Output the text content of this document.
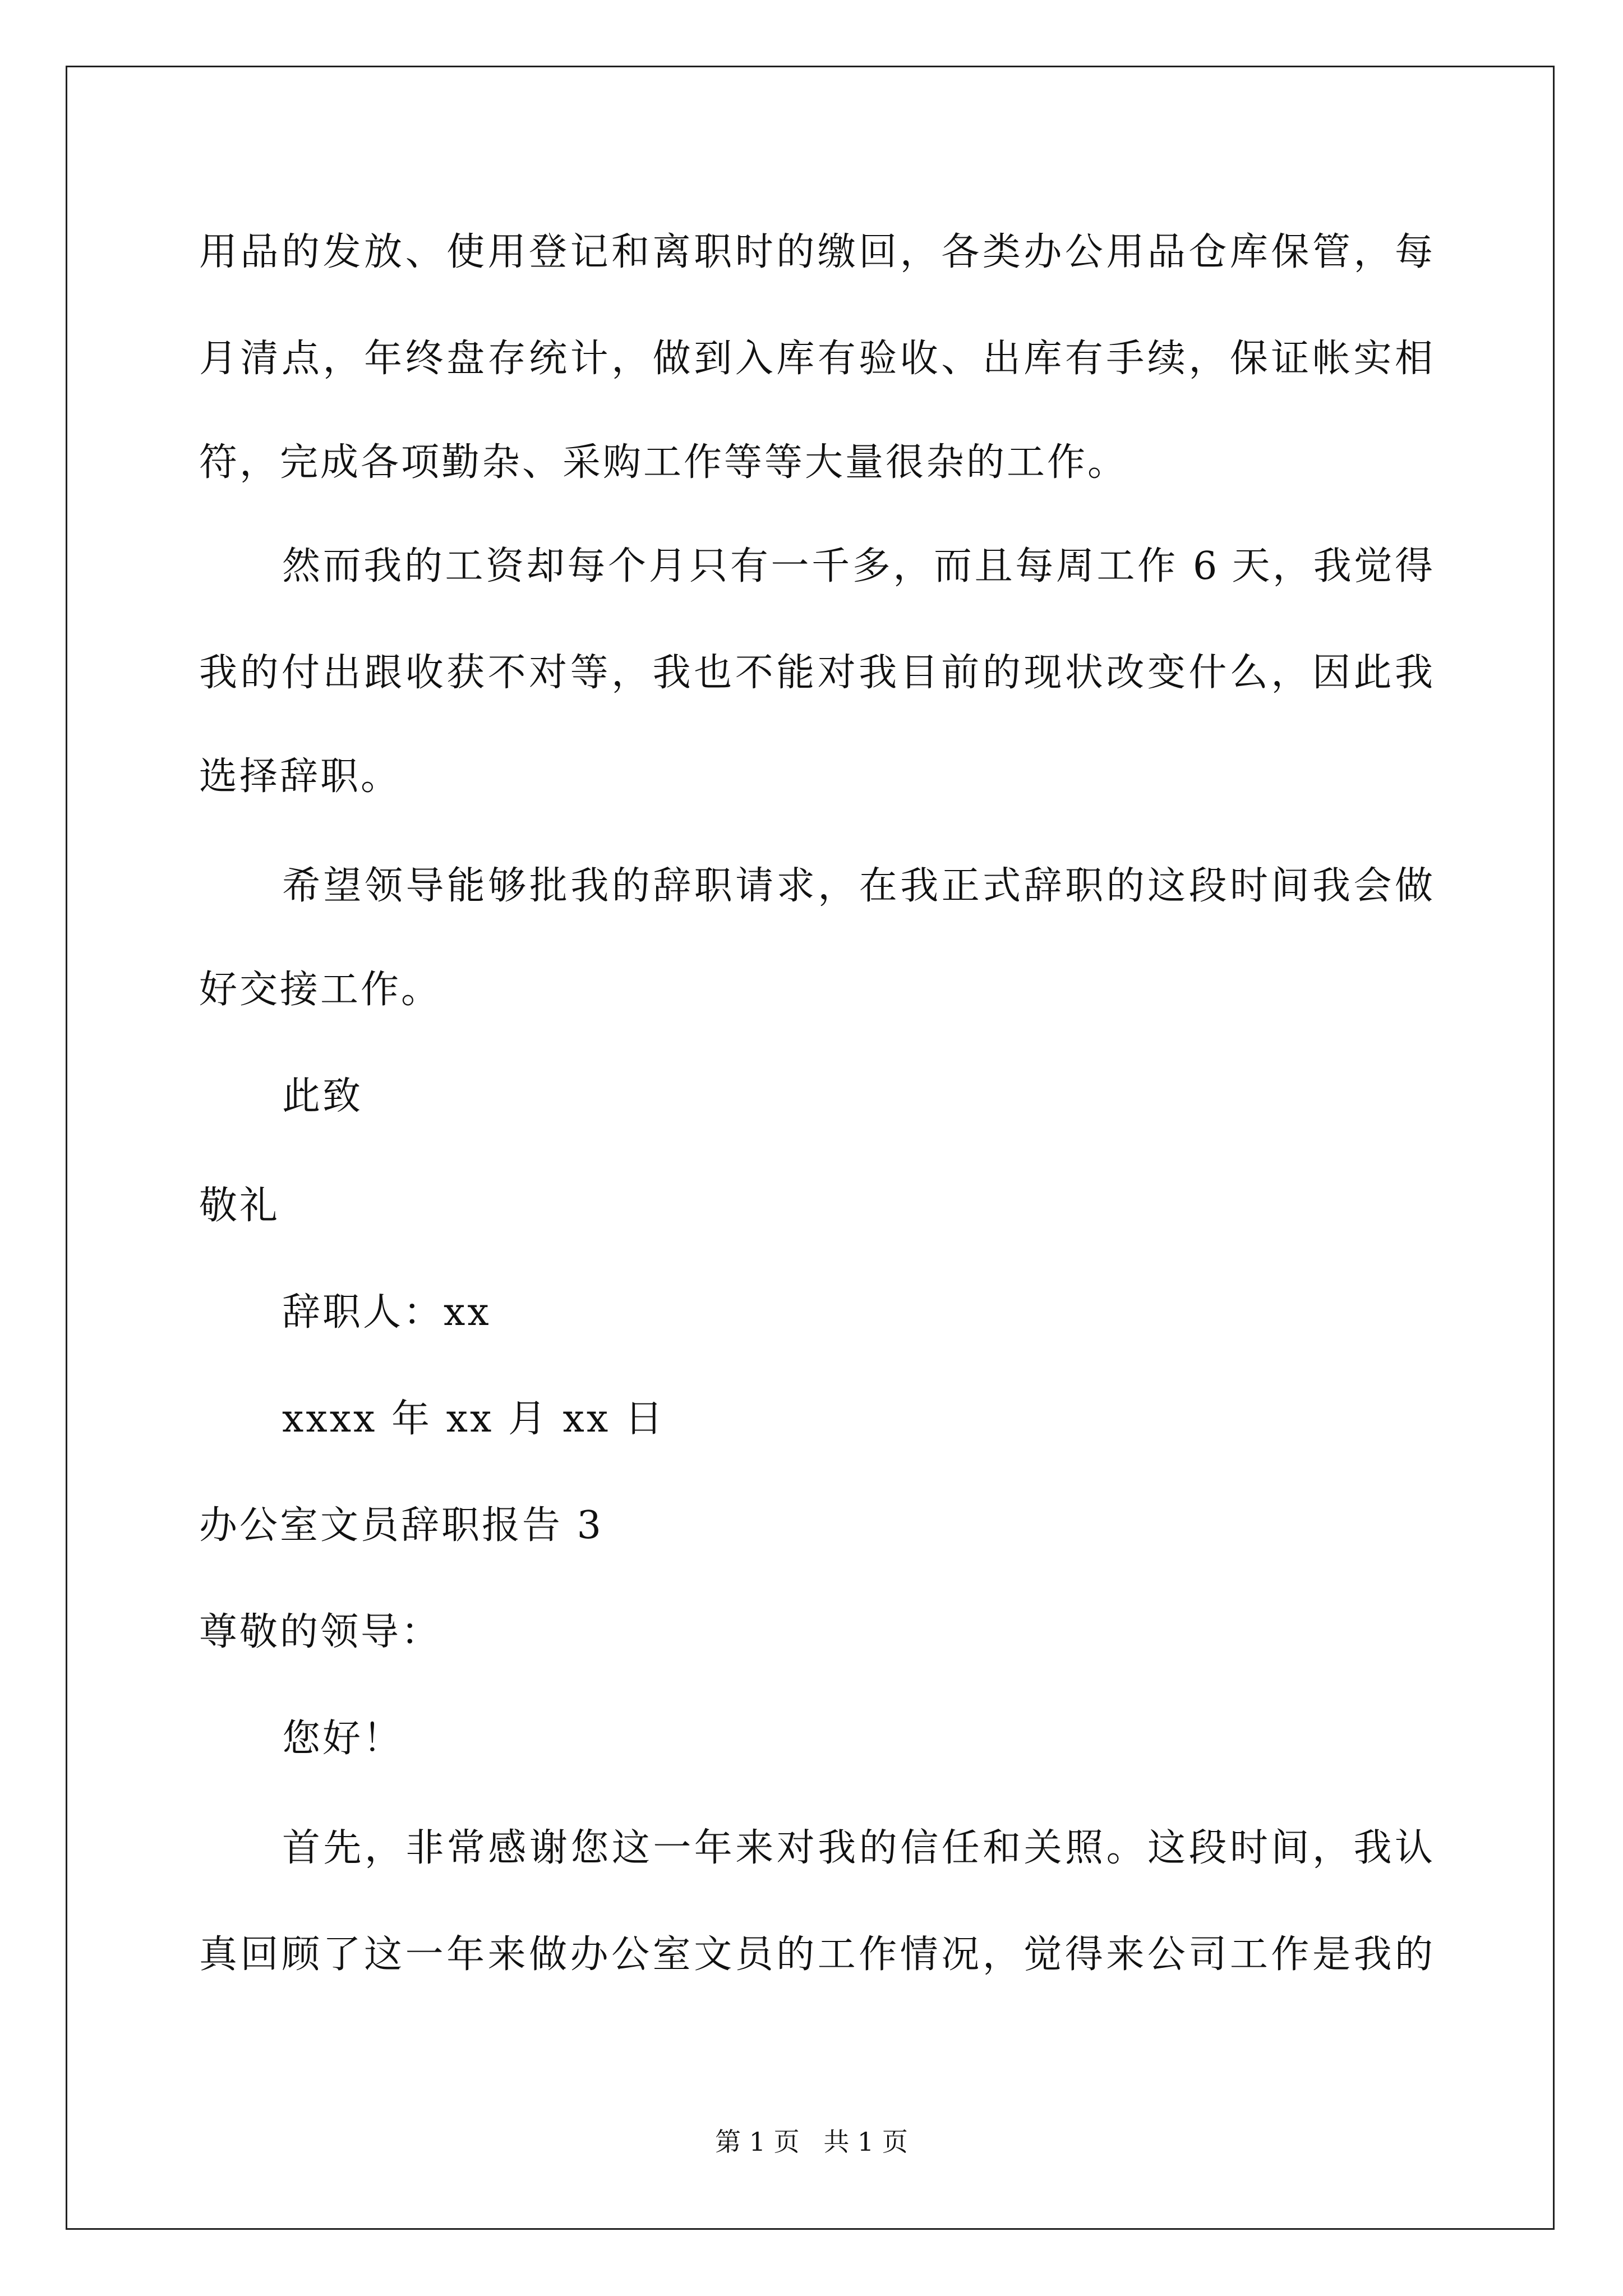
用品的发放、使用登记和离职时的缴回，各类办公用品仓库保管，每
月清点，年终盘存统计，做到入库有验收、出库有手续，保证帐实相
符，完成各项勤杂、采购工作等等大量很杂的工作。
然而我的工资却每个月只有一千多，而且每周工作 6 天，我觉得
我的付出跟收获不对等，我也不能对我目前的现状改变什么，因此我
选择辞职。
希望领导能够批我的辞职请求，在我正式辞职的这段时间我会做
好交接工作。
此致
敬礼
辞职人：xx
xxxx 年 xx 月 xx 日
办公室文员辞职报告 3
尊敬的领导：
您好！
首先，非常感谢您这一年来对我的信任和关照。这段时间，我认
真回顾了这一年来做办公室文员的工作情况，觉得来公司工作是我的
第 1 页 共 1 页
